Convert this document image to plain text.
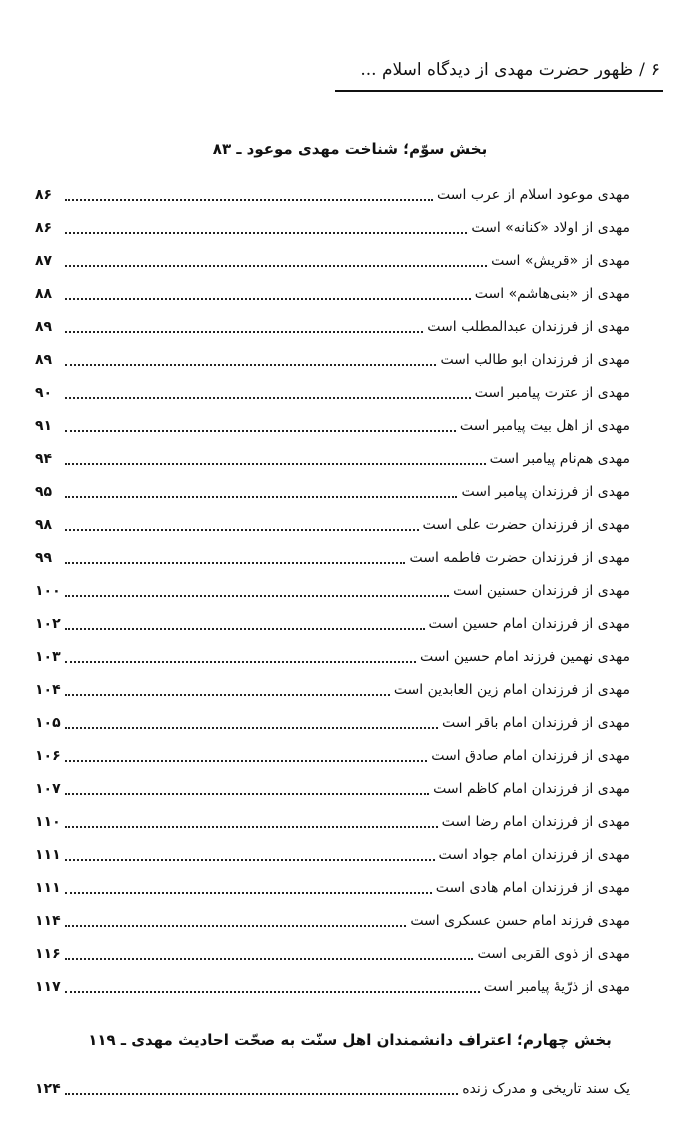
۶
/
ظهور حضرت مهدی از دیدگاه اسلام ...
بخش سوّم؛ شناخت مهدی موعود ـ ۸۳
مهدی موعود اسلام از عرب است
۸۶
مهدی از اولاد «کنانه» است
۸۶
مهدی از «قریش» است
۸۷
مهدی از «بنی‌هاشم» است
۸۸
مهدی از فرزندان عبدالمطلب است
۸۹
مهدی از فرزندان ابو طالب است
۸۹
مهدی از عترت پیامبر است
۹۰
مهدی از اهل بیت پیامبر است
۹۱
مهدی هم‌نام پیامبر است
۹۴
مهدی از فرزندان پیامبر است
۹۵
مهدی از فرزندان حضرت علی است
۹۸
مهدی از فرزندان حضرت فاطمه است
۹۹
مهدی از فرزندان حسنین است
۱۰۰
مهدی از فرزندان امام حسین است
۱۰۲
مهدی نهمین فرزند امام حسین است
۱۰۳
مهدی از فرزندان امام زین العابدین است
۱۰۴
مهدی از فرزندان امام باقر است
۱۰۵
مهدی از فرزندان امام صادق است
۱۰۶
مهدی از فرزندان امام کاظم است
۱۰۷
مهدی از فرزندان امام رضا است
۱۱۰
مهدی از فرزندان امام جواد است
۱۱۱
مهدی از فرزندان امام هادی است
۱۱۱
مهدی فرزند امام حسن عسکری است
۱۱۴
مهدی از ذوی القربی است
۱۱۶
مهدی از ذرّیهٔ پیامبر است
۱۱۷
بخش چهارم؛ اعتراف دانشمندان اهل سنّت به صحّت احادیث مهدی ـ ۱۱۹
یک سند تاریخی و مدرک زنده
۱۲۴
